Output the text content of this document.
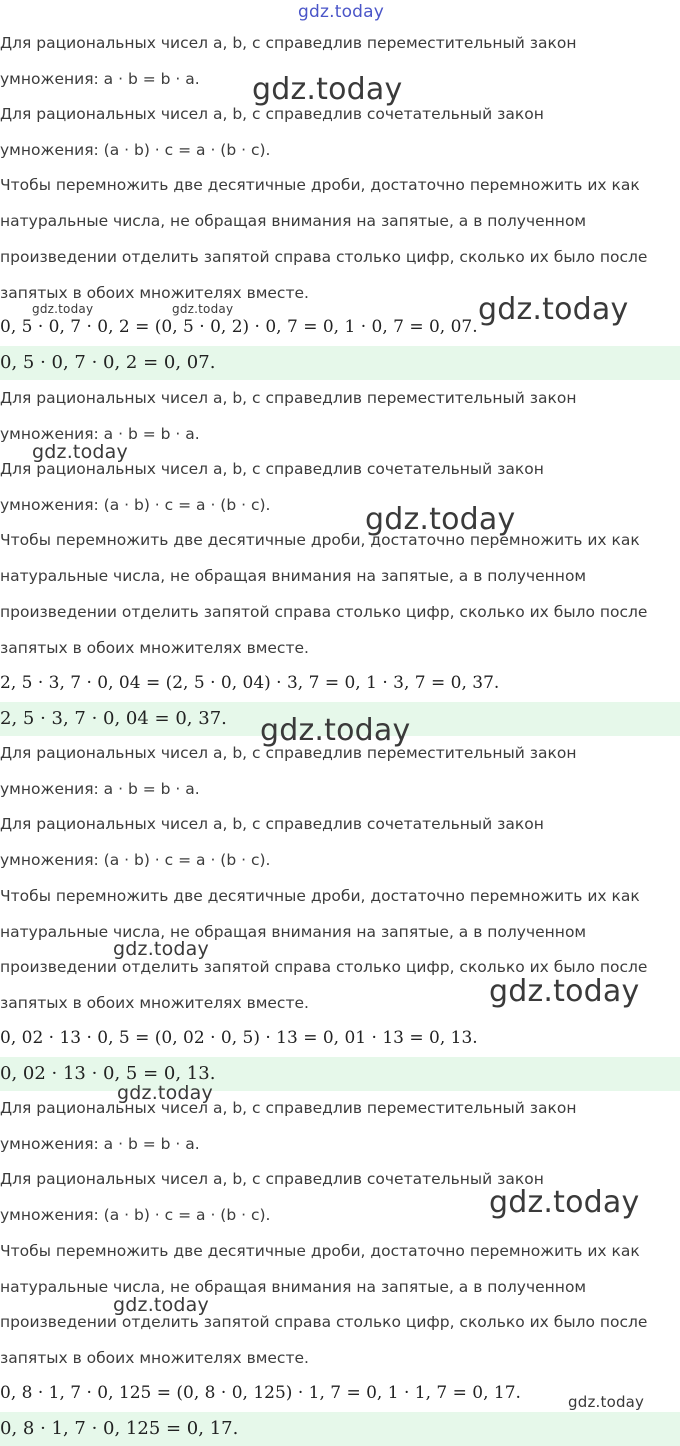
Для рациональных чисел a, b, c справедлив переместительный закон
умножения: a · b = b · a.
Для рациональных чисел a, b, c справедлив сочетательный закон
умножения: (a · b) · c = a · (b · c).
Чтобы перемножить две десятичные дроби, достаточно перемножить их как
натуральные числа, не обращая внимания на запятые, а в полученном
произведении отделить запятой справа столько цифр, сколько их было после
запятых в обоих множителях вместе.
0, 5 · 0, 7 · 0, 2 = (0, 5 · 0, 2) · 0, 7 = 0, 1 · 0, 7 = 0, 07.
0, 5 · 0, 7 · 0, 2 = 0, 07.
Для рациональных чисел a, b, c справедлив переместительный закон
умножения: a · b = b · a.
Для рациональных чисел a, b, c справедлив сочетательный закон
умножения: (a · b) · c = a · (b · c).
Чтобы перемножить две десятичные дроби, достаточно перемножить их как
натуральные числа, не обращая внимания на запятые, а в полученном
произведении отделить запятой справа столько цифр, сколько их было после
запятых в обоих множителях вместе.
2, 5 · 3, 7 · 0, 04 = (2, 5 · 0, 04) · 3, 7 = 0, 1 · 3, 7 = 0, 37.
2, 5 · 3, 7 · 0, 04 = 0, 37.
Для рациональных чисел a, b, c справедлив переместительный закон
умножения: a · b = b · a.
Для рациональных чисел a, b, c справедлив сочетательный закон
умножения: (a · b) · c = a · (b · c).
Чтобы перемножить две десятичные дроби, достаточно перемножить их как
натуральные числа, не обращая внимания на запятые, а в полученном
произведении отделить запятой справа столько цифр, сколько их было после
запятых в обоих множителях вместе.
0, 02 · 13 · 0, 5 = (0, 02 · 0, 5) · 13 = 0, 01 · 13 = 0, 13.
0, 02 · 13 · 0, 5 = 0, 13.
Для рациональных чисел a, b, c справедлив переместительный закон
умножения: a · b = b · a.
Для рациональных чисел a, b, c справедлив сочетательный закон
умножения: (a · b) · c = a · (b · c).
Чтобы перемножить две десятичные дроби, достаточно перемножить их как
натуральные числа, не обращая внимания на запятые, а в полученном
произведении отделить запятой справа столько цифр, сколько их было после
запятых в обоих множителях вместе.
0, 8 · 1, 7 · 0, 125 = (0, 8 · 0, 125) · 1, 7 = 0, 1 · 1, 7 = 0, 17.
0, 8 · 1, 7 · 0, 125 = 0, 17.
gdz.today
gdz.today
gdz.today	gdz.today	gdz.today
gdz.today
gdz.today
gdz.today
gdz.today
gdz.today
gdz.today
gdz.today
gdz.today
gdz.today
